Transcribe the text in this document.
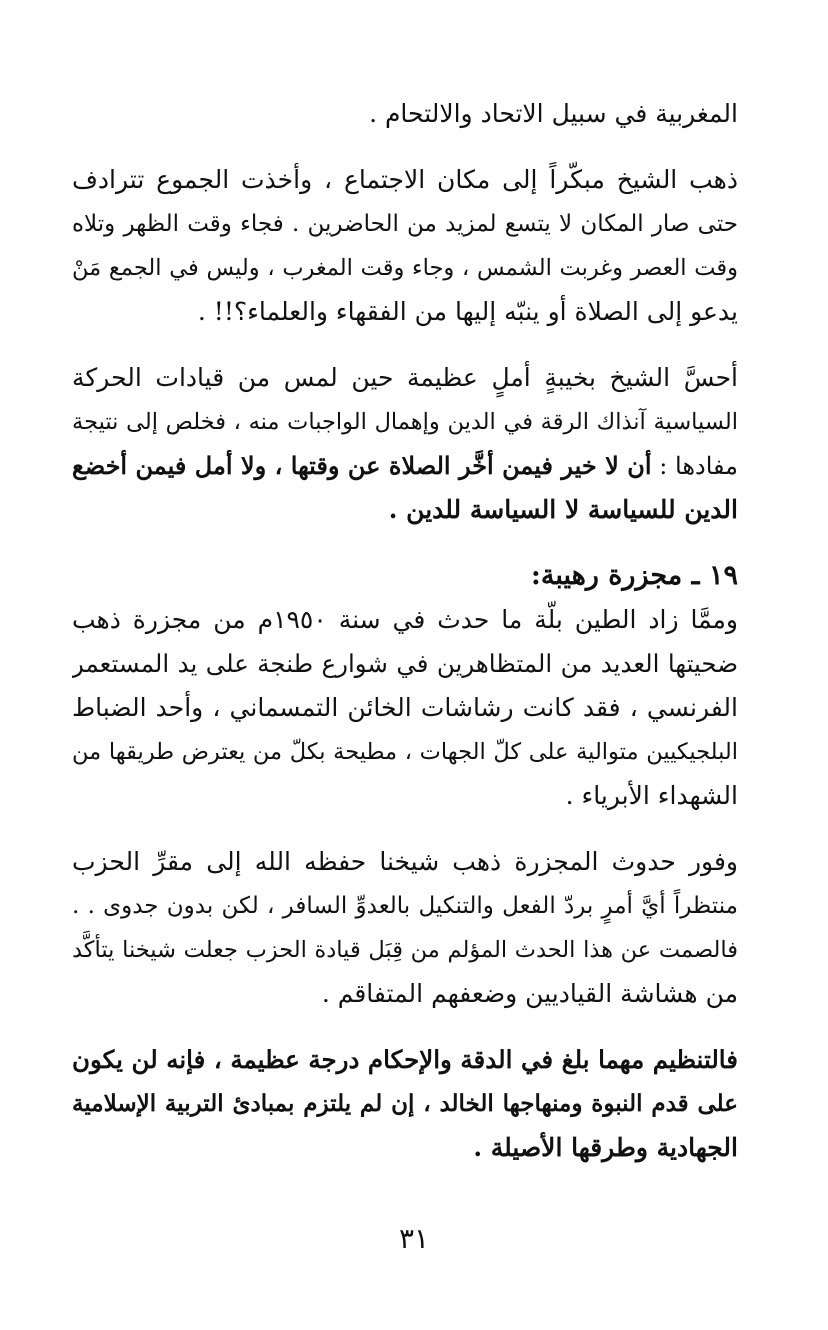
المغربية في سبيل الاتحاد والالتحام .
ذهب الشيخ مبكّراً إلى مكان الاجتماع ، وأخذت الجموع تترادف
حتى صار المكان لا يتسع لمزيد من الحاضرين . فجاء وقت الظهر وتلاه
وقت العصر وغربت الشمس ، وجاء وقت المغرب ، وليس في الجمع مَنْ
يدعو إلى الصلاة أو ينبّه إليها من الفقهاء والعلماء؟!! .
أحسَّ الشيخ بخيبةٍ أملٍ عظيمة حين لمس من قيادات الحركة
السياسية آنذاك الرقة في الدين وإهمال الواجبات منه ، فخلص إلى نتيجة
مفادها : أن لا خير فيمن أخَّر الصلاة عن وقتها ، ولا أمل فيمن أخضع
الدين للسياسة لا السياسة للدين .
١٩ ـ مجزرة رهيبة:
وممَّا زاد الطين بلّة ما حدث في سنة ١٩٥٠م من مجزرة ذهب
ضحيتها العديد من المتظاهرين في شوارع طنجة على يد المستعمر
الفرنسي ، فقد كانت رشاشات الخائن التمسماني ، وأحد الضباط
البلجيكيين متوالية على كلّ الجهات ، مطيحة بكلّ من يعترض طريقها من
الشهداء الأبرياء .
وفور حدوث المجزرة ذهب شيخنا حفظه الله إلى مقرِّ الحزب
منتظراً أيَّ أمرٍ بردّ الفعل والتنكيل بالعدوِّ السافر ، لكن بدون جدوى . .
فالصمت عن هذا الحدث المؤلم من قِبَل قيادة الحزب جعلت شيخنا يتأكَّد
من هشاشة القياديين وضعفهم المتفاقم .
فالتنظيم مهما بلغ في الدقة والإحكام درجة عظيمة ، فإنه لن يكون
على قدم النبوة ومنهاجها الخالد ، إن لم يلتزم بمبادئ التربية الإسلامية
الجهادية وطرقها الأصيلة .
٣١
